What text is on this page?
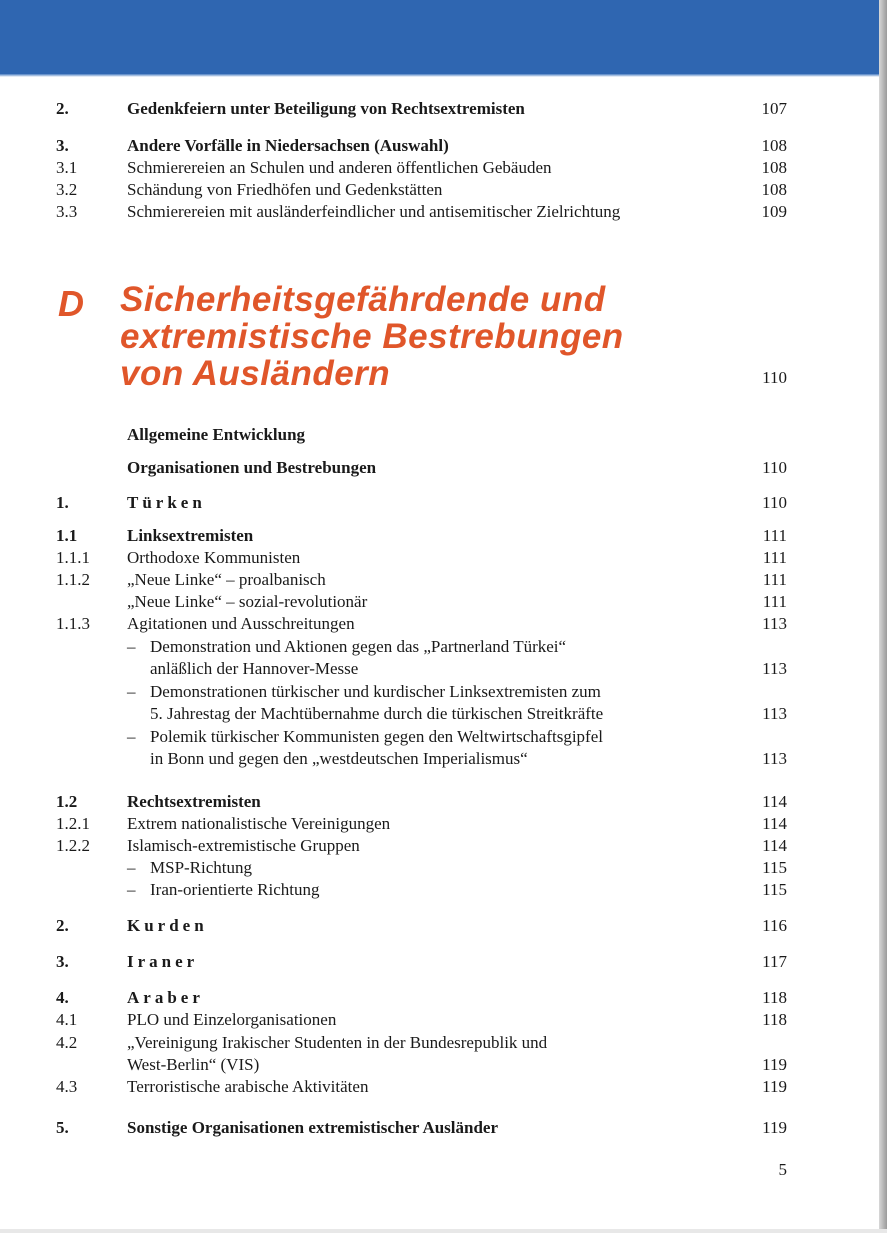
2.	Gedenkfeiern unter Beteiligung von Rechtsextremisten	107
3.	Andere Vorfälle in Niedersachsen (Auswahl)	108
3.1	Schmierereien an Schulen und anderen öffentlichen Gebäuden	108
3.2	Schändung von Friedhöfen und Gedenkstätten	108
3.3	Schmierereien mit ausländerfeindlicher und antisemitischer Zielrichtung	109
D Sicherheitsgefährdende und
extremistische Bestrebungen
von Ausländern	110
Allgemeine Entwicklung
Organisationen und Bestrebungen	110
1.	Türken	110
1.1	Linksextremisten	111
1.1.1 Orthodoxe Kommunisten	111
1.1.2 „Neue Linke“ – proalbanisch	111
„Neue Linke“ – sozial-revolutionär	111
1.1.3 Agitationen und Ausschreitungen	113
– Demonstration und Aktionen gegen das „Partnerland Türkei“
anläßlich der Hannover-Messe	113
– Demonstrationen türkischer und kurdischer Linksextremisten zum
5. Jahrestag der Machtübernahme durch die türkischen Streitkräfte	113
– Polemik türkischer Kommunisten gegen den Weltwirtschaftsgipfel
in Bonn und gegen den „westdeutschen Imperialismus“	113
1.2	Rechtsextremisten	114
1.2.1 Extrem nationalistische Vereinigungen	114
1.2.2 Islamisch-extremistische Gruppen	114
– MSP-Richtung	115
– Iran-orientierte Richtung	115
2.	Kurden	116
3.	Iraner	117
4.	Araber	118
4.1	PLO und Einzelorganisationen	118
4.2	„Vereinigung Irakischer Studenten in der Bundesrepublik und
West-Berlin“ (VIS)	119
4.3	Terroristische arabische Aktivitäten	119
5.	Sonstige Organisationen extremistischer Ausländer	119
5
